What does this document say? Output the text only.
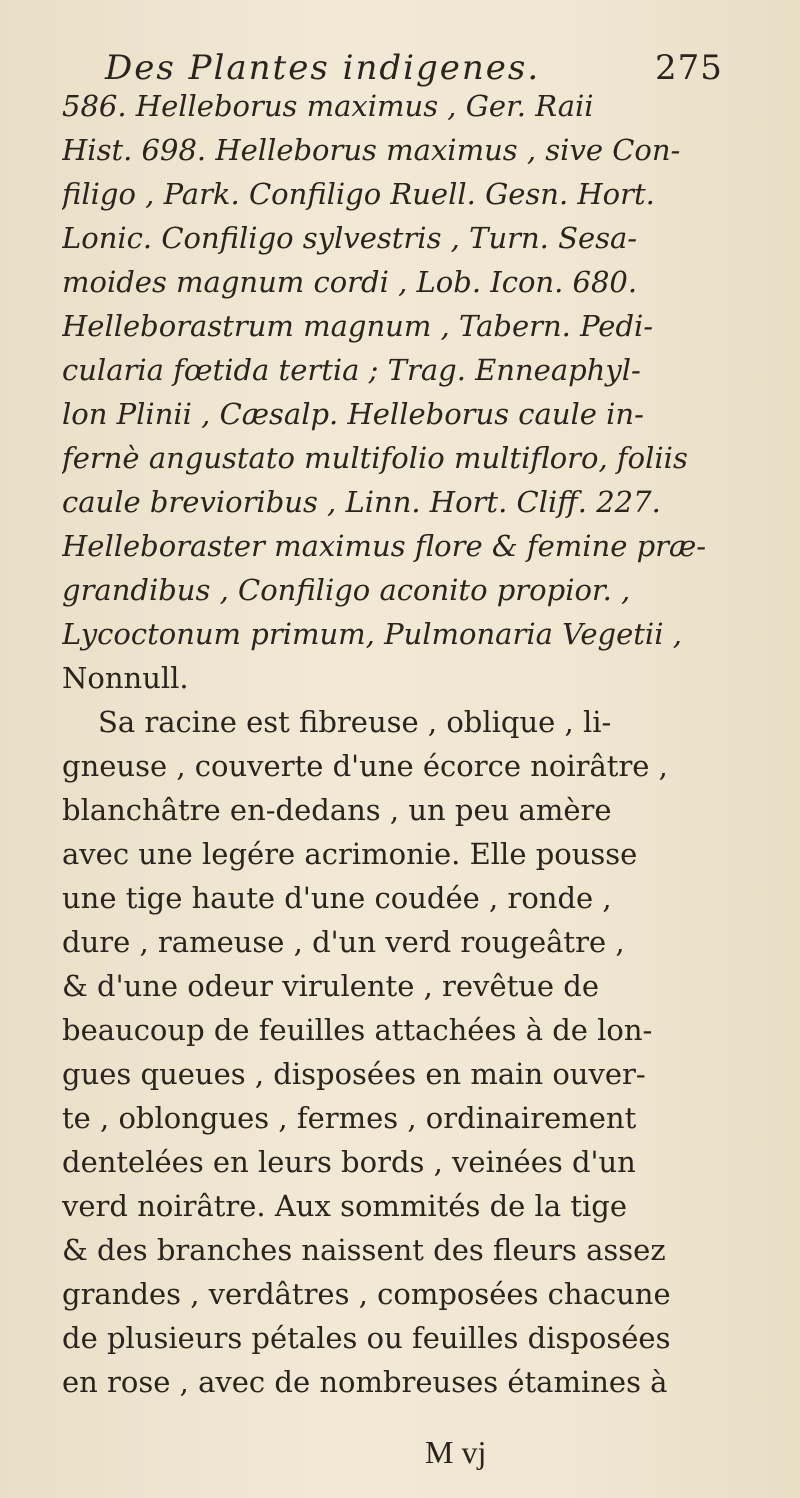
Des Plantes indigenes.	275
586. Helleborus maximus , Ger. Raii
Hist. 698. Helleborus maximus , sive Con-
filigo , Park. Confiligo Ruell. Gesn. Hort.
Lonic. Confiligo sylvestris , Turn. Sesa-
moides magnum cordi , Lob. Icon. 680.
Helleborastrum magnum , Tabern. Pedi-
cularia fœtida tertia ; Trag. Enneaphyl-
lon Plinii , Cæsalp. Helleborus caule in-
fernè angustato multifolio multifloro, foliis
caule brevioribus , Linn. Hort. Cliff. 227.
Helleboraster maximus flore & femine præ-
grandibus , Confiligo aconito propior. ,
Lycoctonum primum, Pulmonaria Vegetii ,
Nonnull.
Sa racine est fibreuse , oblique , li-
gneuse , couverte d'une écorce noirâtre ,
blanchâtre en-dedans , un peu amère
avec une legére acrimonie. Elle pousse
une tige haute d'une coudée , ronde ,
dure , rameuse , d'un verd rougeâtre ,
& d'une odeur virulente , revêtue de
beaucoup de feuilles attachées à de lon-
gues queues , disposées en main ouver-
te , oblongues , fermes , ordinairement
dentelées en leurs bords , veinées d'un
verd noirâtre. Aux sommités de la tige
& des branches naissent des fleurs assez
grandes , verdâtres , composées chacune
de plusieurs pétales ou feuilles disposées
en rose , avec de nombreuses étamines à
M vj
